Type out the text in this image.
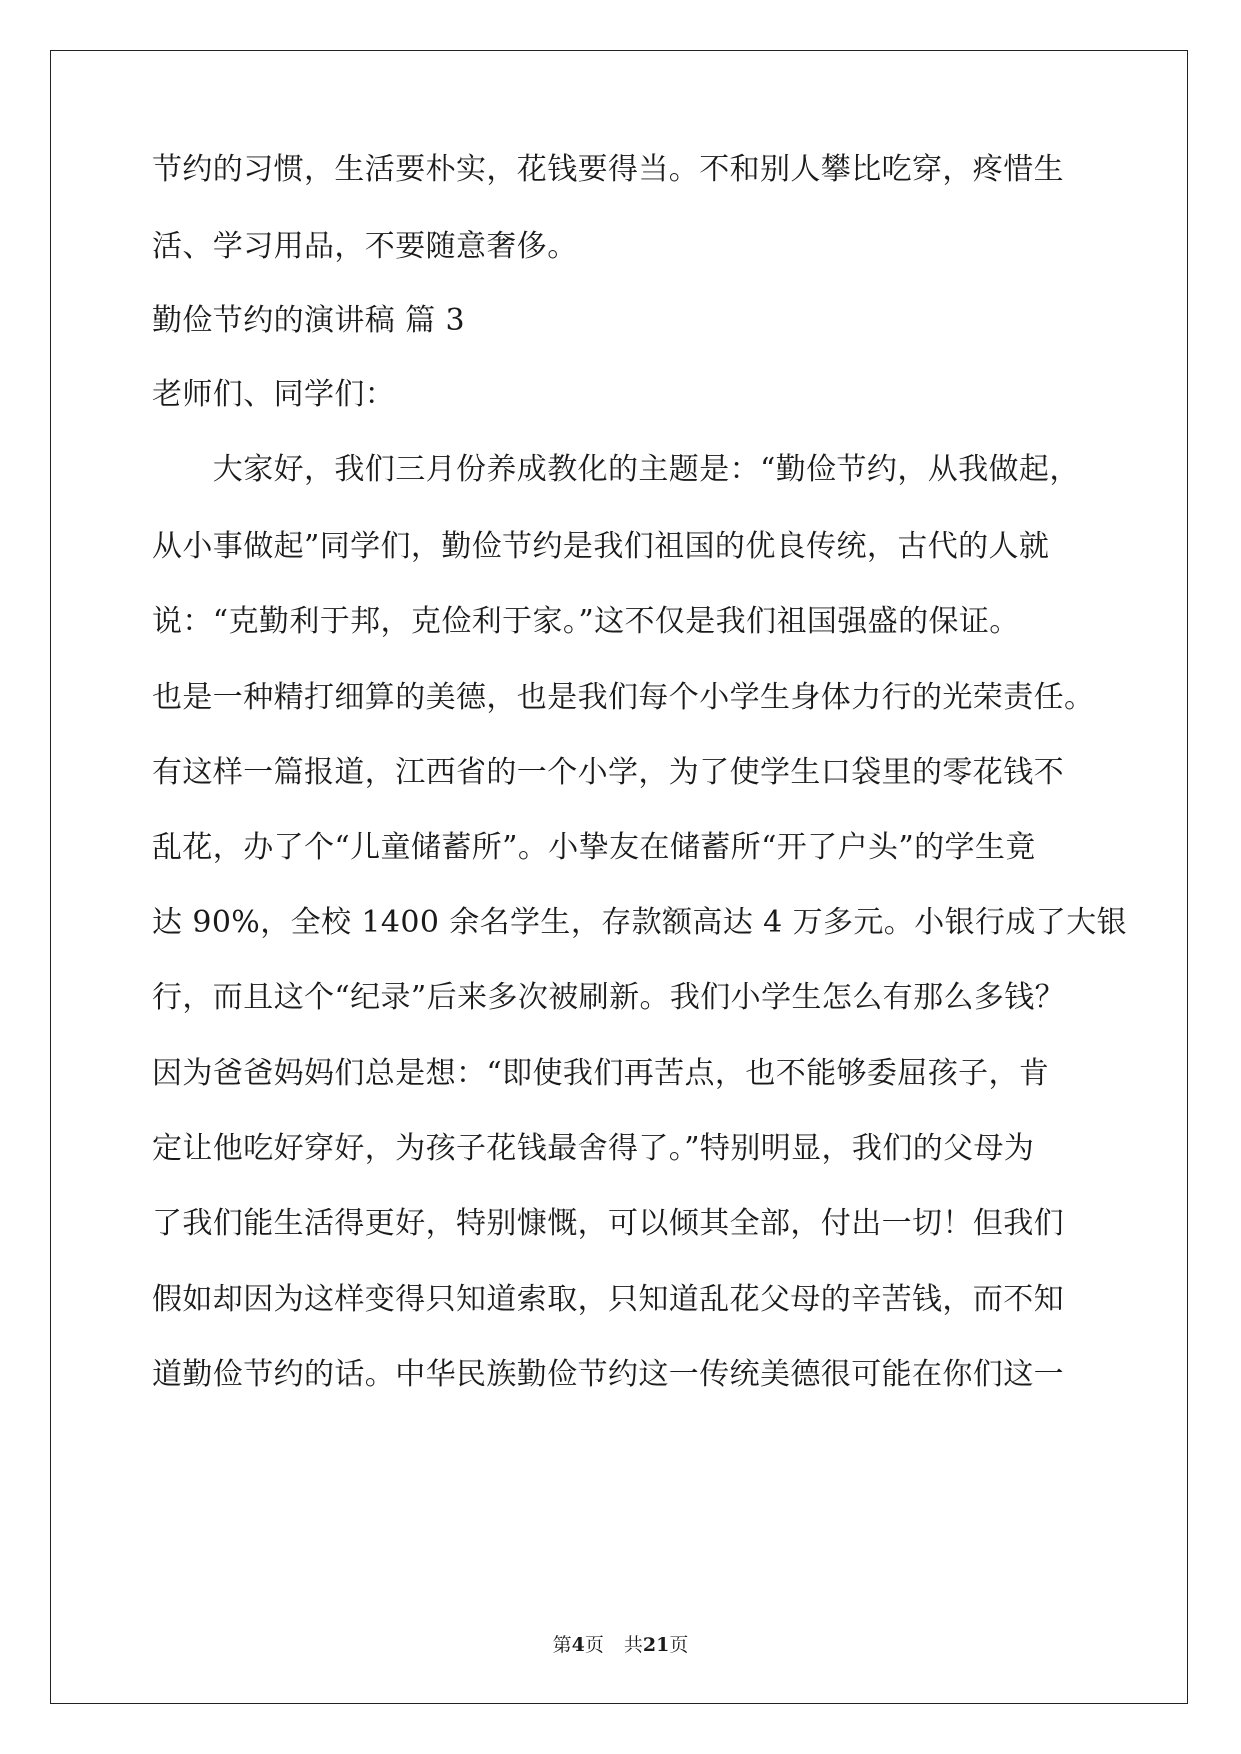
节约的习惯，生活要朴实，花钱要得当。不和别人攀比吃穿，疼惜生
活、学习用品，不要随意奢侈。
勤俭节约的演讲稿 篇 3
老师们、同学们：
　　大家好，我们三月份养成教化的主题是：“勤俭节约，从我做起，
从小事做起”同学们，勤俭节约是我们祖国的优良传统，古代的人就
说：“克勤利于邦，克俭利于家。”这不仅是我们祖国强盛的保证。
也是一种精打细算的美德，也是我们每个小学生身体力行的光荣责任。
有这样一篇报道，江西省的一个小学，为了使学生口袋里的零花钱不
乱花，办了个“儿童储蓄所”。小挚友在储蓄所“开了户头”的学生竟
达 90%，全校 1400 余名学生，存款额高达 4 万多元。小银行成了大银
行，而且这个“纪录”后来多次被刷新。我们小学生怎么有那么多钱？
因为爸爸妈妈们总是想：“即使我们再苦点，也不能够委屈孩子，肯
定让他吃好穿好，为孩子花钱最舍得了。”特别明显，我们的父母为
了我们能生活得更好，特别慷慨，可以倾其全部，付出一切！但我们
假如却因为这样变得只知道索取，只知道乱花父母的辛苦钱，而不知
道勤俭节约的话。中华民族勤俭节约这一传统美德很可能在你们这一
第4页 共21页
